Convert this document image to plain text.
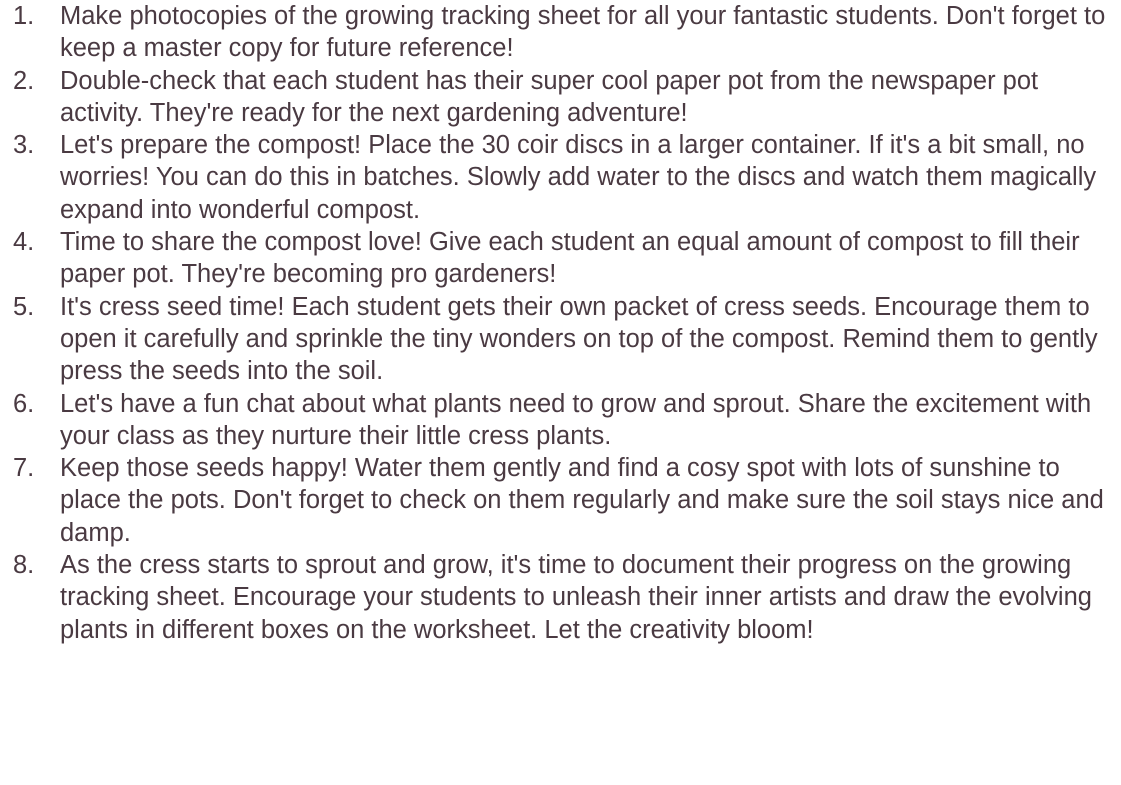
1. Make photocopies of the growing tracking sheet for all your fantastic students. Don't forget to keep a master copy for future reference!
2. Double-check that each student has their super cool paper pot from the newspaper pot activity. They're ready for the next gardening adventure!
3. Let's prepare the compost! Place the 30 coir discs in a larger container. If it's a bit small, no worries! You can do this in batches. Slowly add water to the discs and watch them magically expand into wonderful compost.
4. Time to share the compost love! Give each student an equal amount of compost to fill their paper pot. They're becoming pro gardeners!
5. It's cress seed time! Each student gets their own packet of cress seeds. Encourage them to open it carefully and sprinkle the tiny wonders on top of the compost. Remind them to gently press the seeds into the soil.
6. Let's have a fun chat about what plants need to grow and sprout. Share the excitement with your class as they nurture their little cress plants.
7. Keep those seeds happy! Water them gently and find a cosy spot with lots of sunshine to place the pots. Don't forget to check on them regularly and make sure the soil stays nice and damp.
8. As the cress starts to sprout and grow, it's time to document their progress on the growing tracking sheet. Encourage your students to unleash their inner artists and draw the evolving plants in different boxes on the worksheet. Let the creativity bloom!
